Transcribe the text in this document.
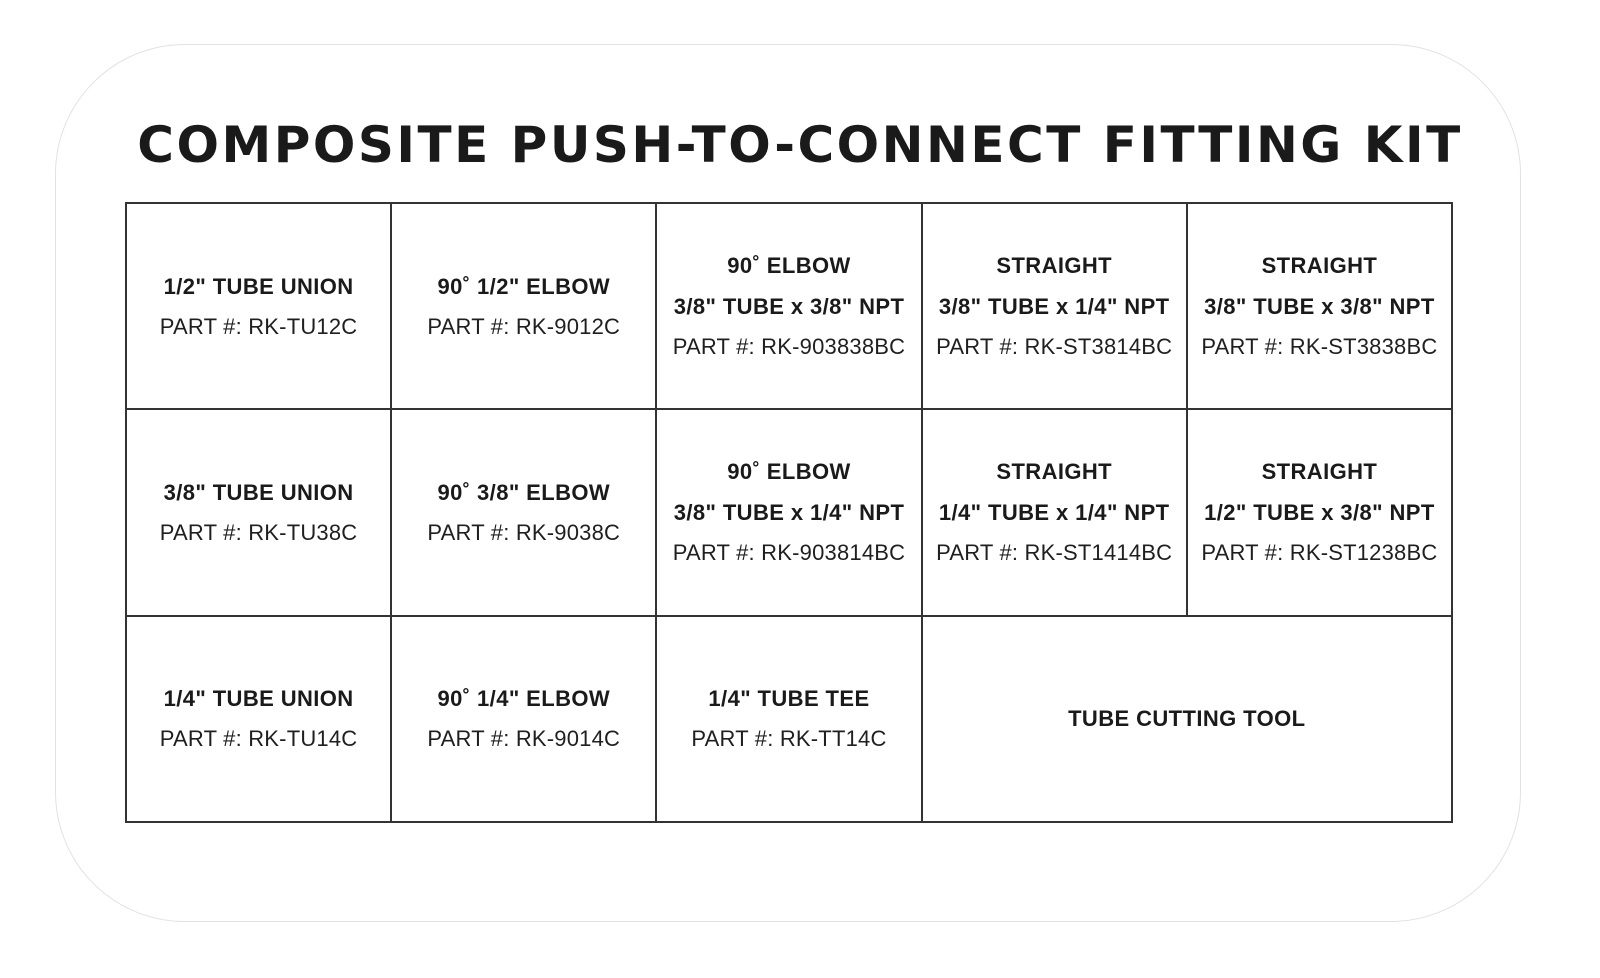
COMPOSITE PUSH-TO-CONNECT FITTING KIT
1/2" TUBE UNION
PART #: RK-TU12C
90˚ 1/2" ELBOW
PART #: RK-9012C
90˚ ELBOW
3/8" TUBE x 3/8" NPT
PART #: RK-903838BC
STRAIGHT
3/8" TUBE x 1/4" NPT
PART #: RK-ST3814BC
STRAIGHT
3/8" TUBE x 3/8" NPT
PART #: RK-ST3838BC
3/8" TUBE UNION
PART #: RK-TU38C
90˚ 3/8" ELBOW
PART #: RK-9038C
90˚ ELBOW
3/8" TUBE x 1/4" NPT
PART #: RK-903814BC
STRAIGHT
1/4" TUBE x 1/4" NPT
PART #: RK-ST1414BC
STRAIGHT
1/2" TUBE x 3/8" NPT
PART #: RK-ST1238BC
1/4" TUBE UNION
PART #: RK-TU14C
90˚ 1/4" ELBOW
PART #: RK-9014C
1/4" TUBE TEE
PART #: RK-TT14C
TUBE CUTTING TOOL
